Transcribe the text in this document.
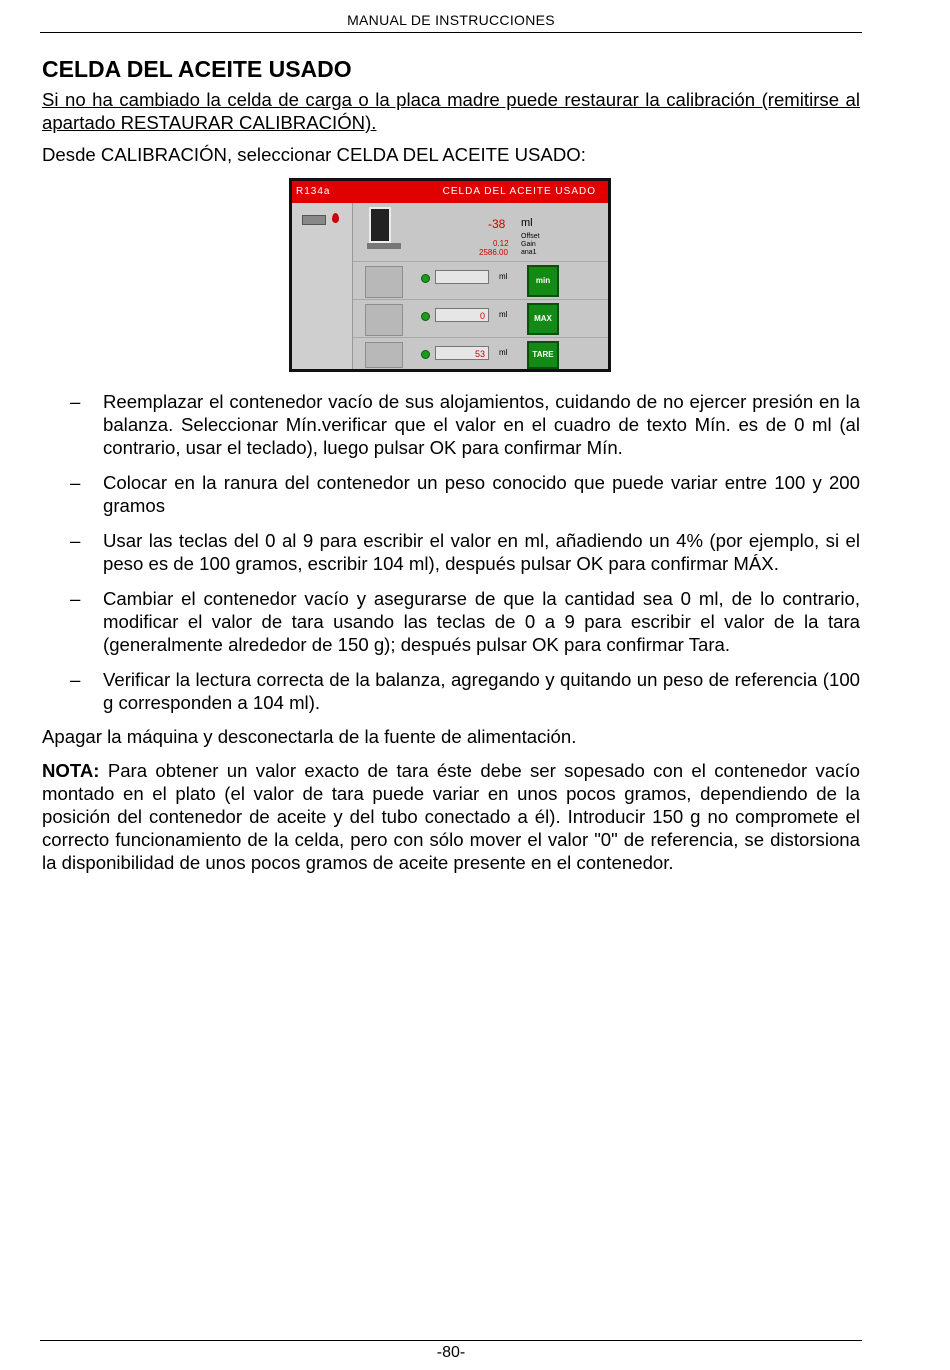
MANUAL DE INSTRUCCIONES
CELDA DEL ACEITE USADO

Si no ha cambiado la celda de carga o la placa madre puede restaurar la calibración (remitirse al apartado RESTAURAR CALIBRACIÓN).

Desde CALIBRACIÓN, seleccionar CELDA DEL ACEITE USADO:

R134a	CELDA DEL ACEITE USADO
-38 ml
0.12
2586.00
Offset
Gain
ana1
ml	min
0	ml	MAX
53	ml	TARE
– Reemplazar el contenedor vacío de sus alojamientos, cuidando de no ejercer presión en la balanza. Seleccionar Mín.verificar que el valor en el cuadro de texto Mín. es de 0 ml (al contrario, usar el teclado), luego pulsar OK para confirmar Mín.

– Colocar en la ranura del contenedor un peso conocido que puede variar entre 100 y 200 gramos

– Usar las teclas del 0 al 9 para escribir el valor en ml, añadiendo un 4% (por ejemplo, si el peso es de 100 gramos, escribir 104 ml), después pulsar OK para confirmar MÁX.

– Cambiar el contenedor vacío y asegurarse de que la cantidad sea 0 ml, de lo contrario, modificar el valor de tara usando las teclas de 0 a 9 para escribir el valor de la tara (generalmente alrededor de 150 g); después pulsar OK para confirmar Tara.

– Verificar la lectura correcta de la balanza, agregando y quitando un peso de referencia (100 g corresponden a 104 ml).

Apagar la máquina y desconectarla de la fuente de alimentación.

NOTA: Para obtener un valor exacto de tara éste debe ser sopesado con el contenedor vacío montado en el plato (el valor de tara puede variar en unos pocos gramos, dependiendo de la posición del contenedor de aceite y del tubo conectado a él). Introducir 150 g no compromete el correcto funcionamiento de la celda, pero con sólo mover el valor "0" de referencia, se distorsiona la disponibilidad de unos pocos gramos de aceite presente en el contenedor.

-80-
